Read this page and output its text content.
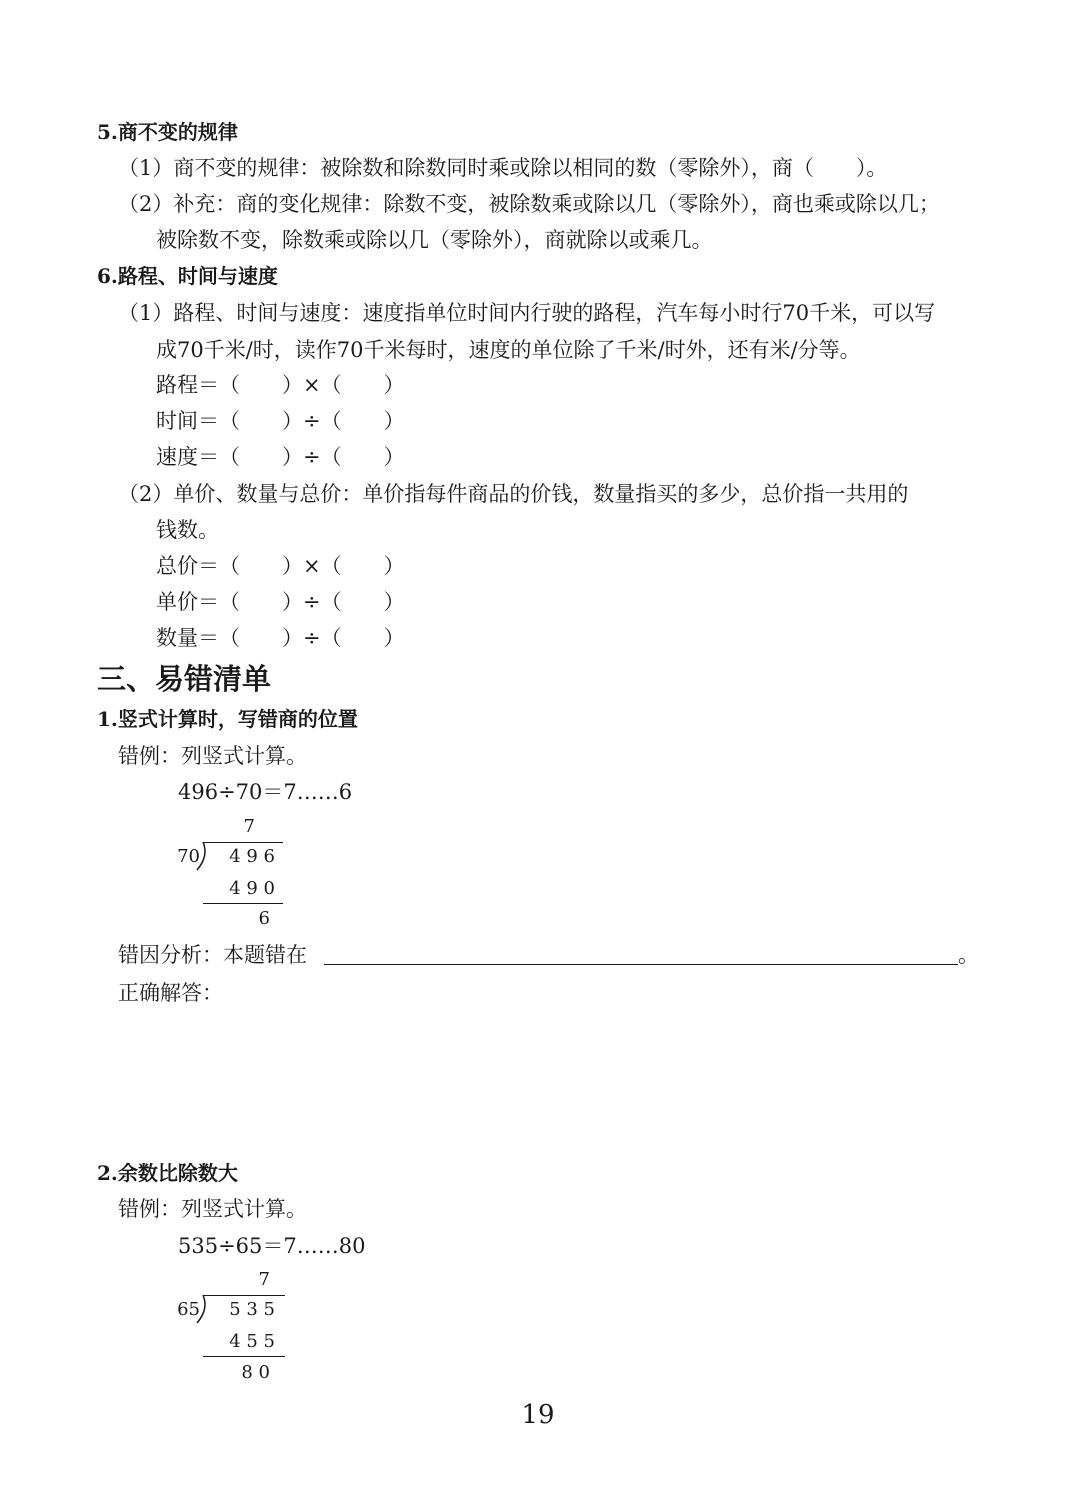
5.商不变的规律
（1）商不变的规律：被除数和除数同时乘或除以相同的数（零除外），商（　　）。
（2）补充：商的变化规律：除数不变，被除数乘或除以几（零除外），商也乘或除以几；
被除数不变，除数乘或除以几（零除外），商就除以或乘几。
6.路程、时间与速度
（1）路程、时间与速度：速度指单位时间内行驶的路程，汽车每小时行70千米，可以写
成70千米/时，读作70千米每时，速度的单位除了千米/时外，还有米/分等。
路程＝（　　）×（　　）
时间＝（　　）÷（　　）
速度＝（　　）÷（　　）
（2）单价、数量与总价：单价指每件商品的价钱，数量指买的多少，总价指一共用的
钱数。
总价＝（　　）×（　　）
单价＝（　　）÷（　　）
数量＝（　　）÷（　　）
三、易错清单
1.竖式计算时，写错商的位置
错例：列竖式计算。
496÷70＝7……6
7
70	4 9 6
4 9 0
6
错因分析：本题错在	。
正确解答：
2.余数比除数大
错例：列竖式计算。
535÷65＝7……80
7
65	5 3 5
4 5 5
8 0
19
